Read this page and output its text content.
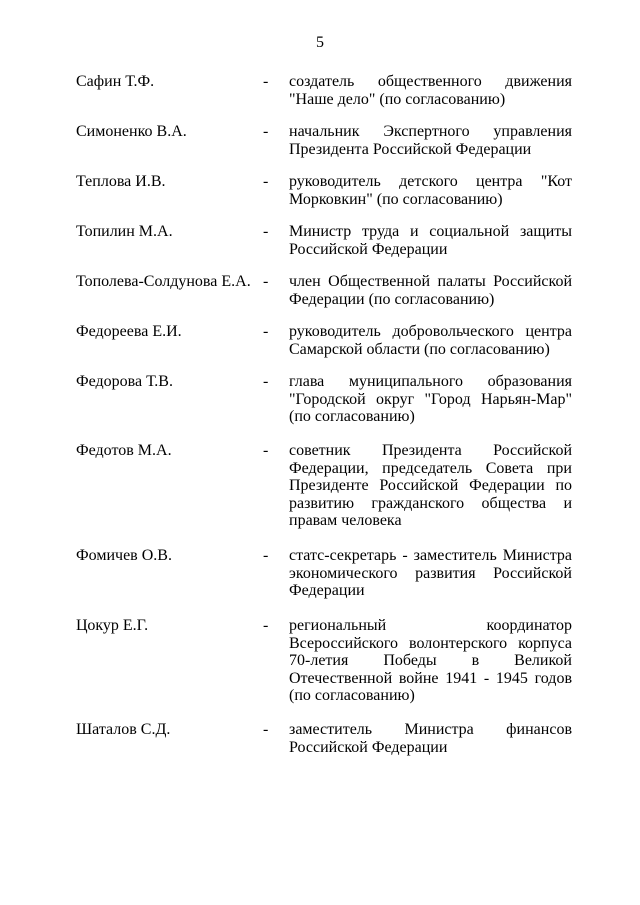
5
Сафин Т.Ф.	- создатель общественного движения "Наше дело" (по согласованию)
Симоненко В.А.	- начальник Экспертного управления Президента Российской Федерации
Теплова И.В.	- руководитель детского центра "Кот Морковкин" (по согласованию)
Топилин М.А.	- Министр труда и социальной защиты Российской Федерации
Тополева-Солдунова Е.А. - член Общественной палаты Российской Федерации (по согласованию)
Федореева Е.И.	- руководитель добровольческого центра Самарской области (по согласованию)
Федорова Т.В.	- глава муниципального образования "Городской округ "Город Нарьян-Мар" (по согласованию)
Федотов М.А.	- советник Президента Российской Федерации, председатель Совета при Президенте Российской Федерации по развитию гражданского общества и правам человека
Фомичев О.В.	- статс-секретарь - заместитель Министра экономического развития Российской Федерации
Цокур Е.Г.	- региональный координатор Всероссийского волонтерского корпуса 70-летия Победы в Великой Отечественной войне 1941 - 1945 годов (по согласованию)
Шаталов С.Д.	- заместитель Министра финансов Российской Федерации
